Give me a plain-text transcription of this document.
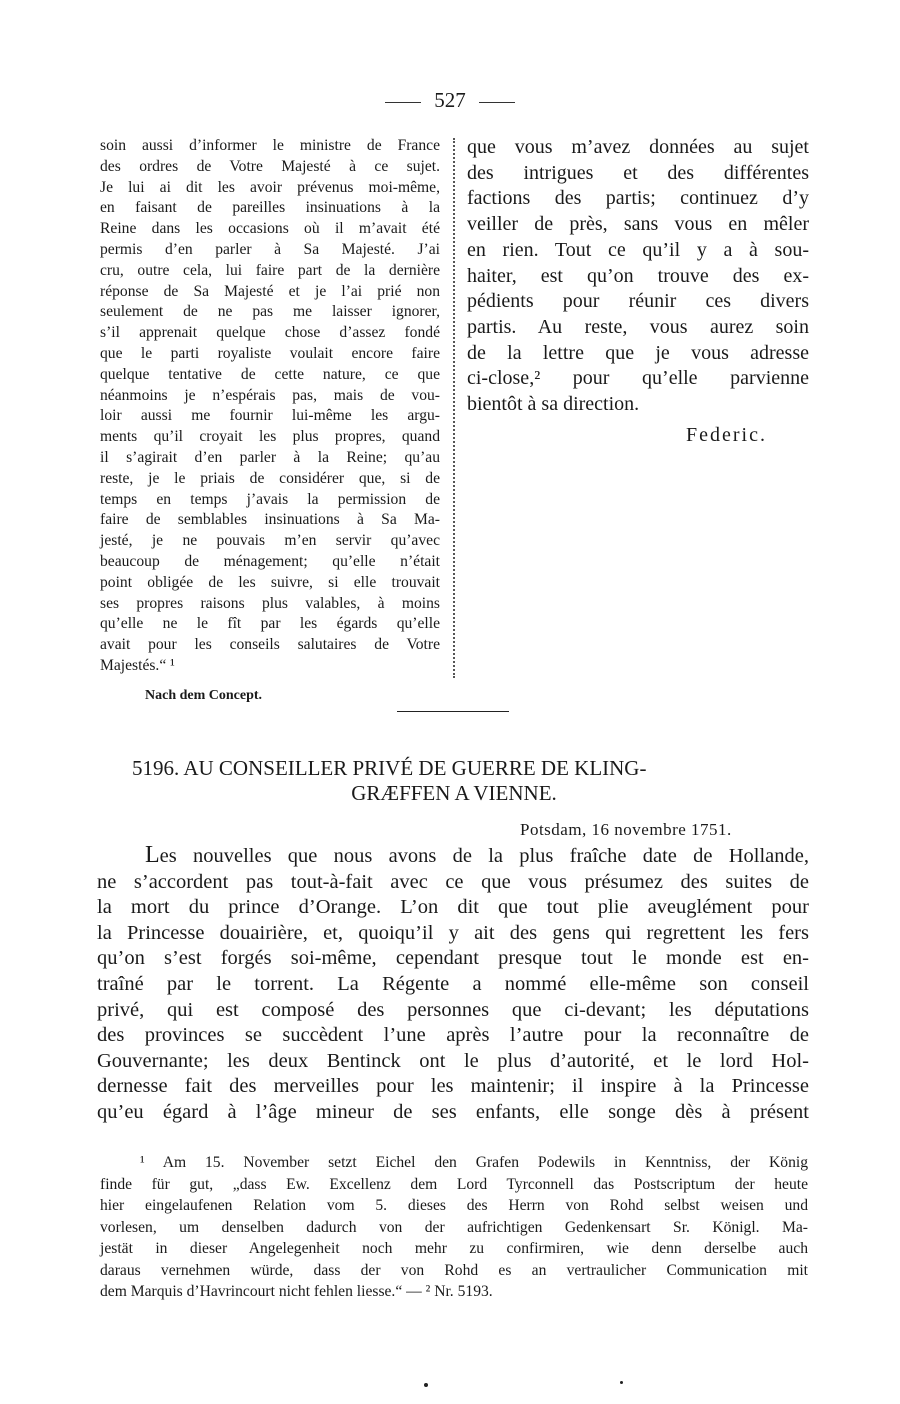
527

soin aussi d’informer le ministre de France

des ordres de Votre Majesté à ce sujet.

Je lui ai dit les avoir prévenus moi-même,

en faisant de pareilles insinuations à la

Reine dans les occasions où il m’avait été

permis d’en parler à Sa Majesté. J’ai

cru, outre cela, lui faire part de la dernière

réponse de Sa Majesté et je l’ai prié non

seulement de ne pas me laisser ignorer,

s’il apprenait quelque chose d’assez fondé

que le parti royaliste voulait encore faire

quelque tentative de cette nature, ce que

néanmoins je n’espérais pas, mais de vou-

loir aussi me fournir lui-même les argu-

ments qu’il croyait les plus propres, quand

il s’agirait d’en parler à la Reine; qu’au

reste, je le priais de considérer que, si de

temps en temps j’avais la permission de

faire de semblables insinuations à Sa Ma-

jesté, je ne pouvais m’en servir qu’avec

beaucoup de ménagement; qu’elle n’était

point obligée de les suivre, si elle trouvait

ses propres raisons plus valables, à moins

qu’elle ne le fît par les égards qu’elle

avait pour les conseils salutaires de Votre

Majestés.“ ¹

Nach dem Concept.

que vous m’avez données au sujet

des intrigues et des différentes

factions des partis; continuez d’y

veiller de près, sans vous en mêler

en rien. Tout ce qu’il y a à sou-

haiter, est qu’on trouve des ex-

pédients pour réunir ces divers

partis. Au reste, vous aurez soin

de la lettre que je vous adresse

ci-close,² pour qu’elle parvienne

bientôt à sa direction.

Federic.
5196. AU CONSEILLER PRIVÉ DE GUERRE DE KLING-
GRÆFFEN A VIENNE.
Potsdam, 16 novembre 1751.

Les nouvelles que nous avons de la plus fraîche date de Hollande,

ne s’accordent pas tout-à-fait avec ce que vous présumez des suites de

la mort du prince d’Orange. L’on dit que tout plie aveuglément pour

la Princesse douairière, et, quoiqu’il y ait des gens qui regrettent les fers

qu’on s’est forgés soi-même, cependant presque tout le monde est en-

traîné par le torrent. La Régente a nommé elle-même son conseil

privé, qui est composé des personnes que ci-devant; les députations

des provinces se succèdent l’une après l’autre pour la reconnaître de

Gouvernante; les deux Bentinck ont le plus d’autorité, et le lord Hol-

dernesse fait des merveilles pour les maintenir; il inspire à la Princesse

qu’eu égard à l’âge mineur de ses enfants, elle songe dès à présent

¹ Am 15. November setzt Eichel den Grafen Podewils in Kenntniss, der König

finde für gut, „dass Ew. Excellenz dem Lord Tyrconnell das Postscriptum der heute

hier eingelaufenen Relation vom 5. dieses des Herrn von Rohd selbst weisen und

vorlesen, um denselben dadurch von der aufrichtigen Gedenkensart Sr. Königl. Ma-

jestät in dieser Angelegenheit noch mehr zu confirmiren, wie denn derselbe auch

daraus vernehmen würde, dass der von Rohd es an vertraulicher Communication mit

dem Marquis d’Havrincourt nicht fehlen liesse.“ — ² Nr. 5193.
